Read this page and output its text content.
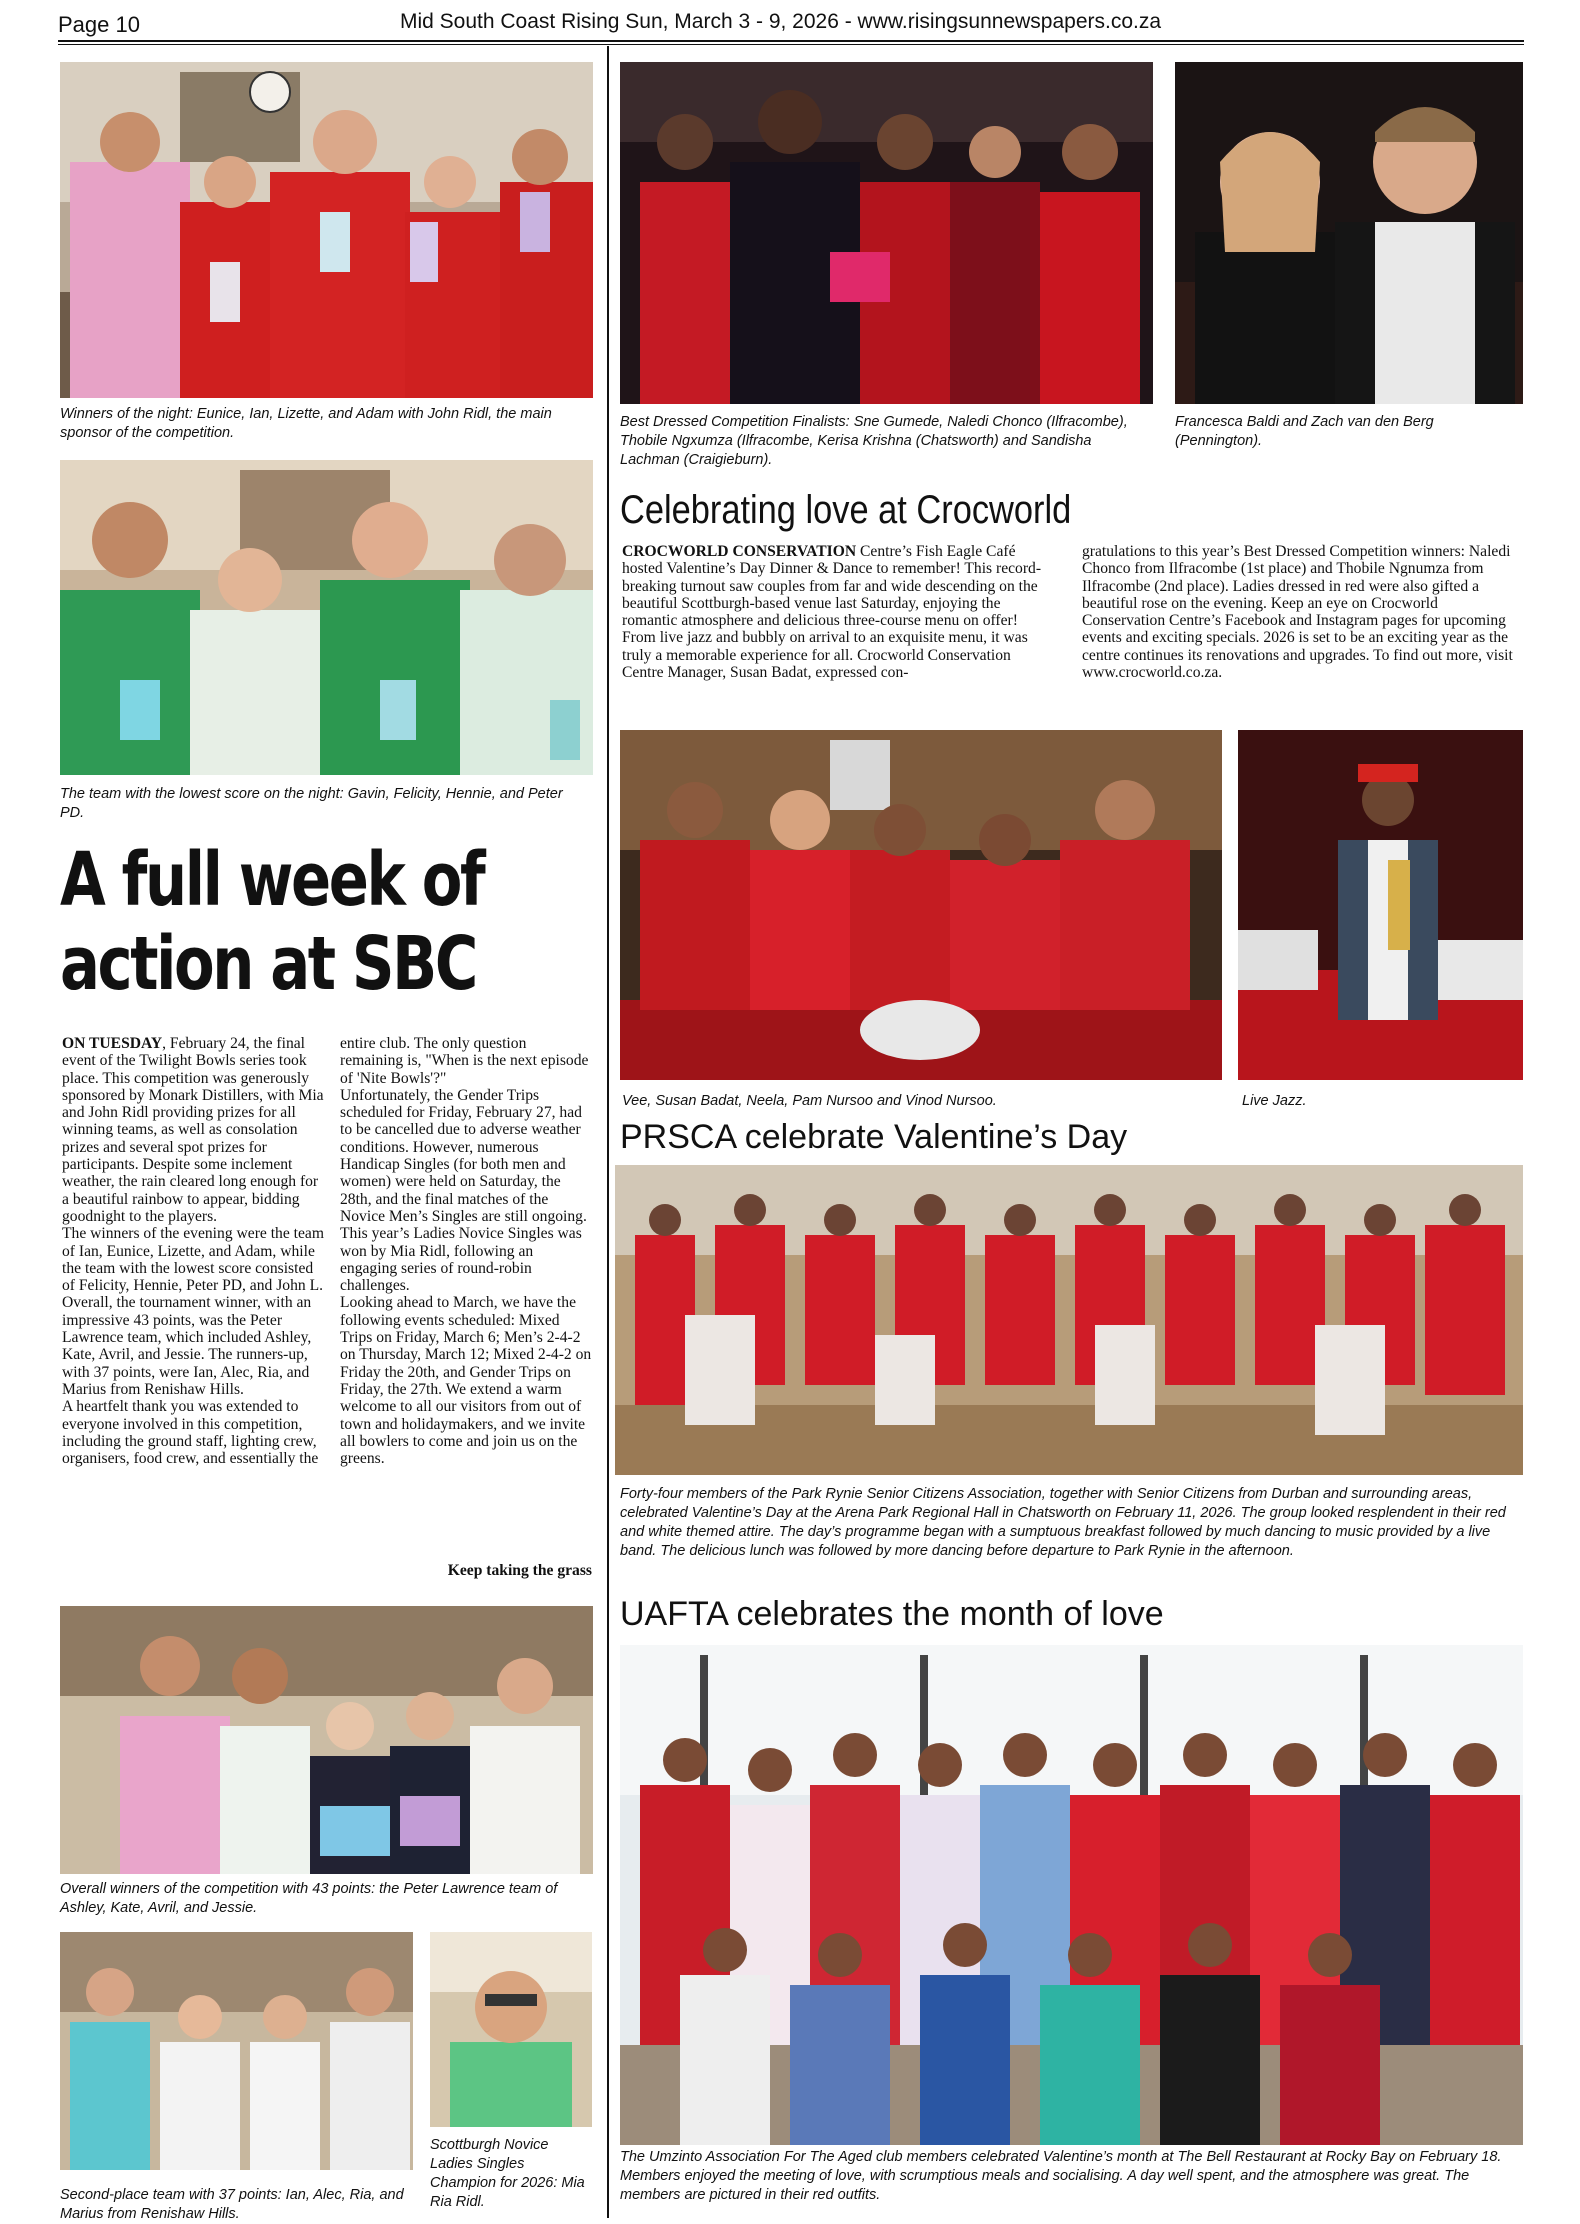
Page 10	Mid South Coast Rising Sun, March 3 - 9, 2026 - www.risingsunnewspapers.co.za

Winners of the night: Eunice, Ian, Lizette, and Adam with John Ridl, the main sponsor of the competition.

The team with the lowest score on the night: Gavin, Felicity, Hennie, and Peter PD.

A full week of
action at SBC

ON TUESDAY, February 24, the final event of the Twilight Bowls series took place. This competition was generously sponsored by Monark Distillers, with Mia and John Ridl providing prizes for all winning teams, as well as consolation prizes and several spot prizes for participants. Despite some inclement weather, the rain cleared long enough for a beautiful rainbow to appear, bidding goodnight to the players.

The winners of the evening were the team of Ian, Eunice, Lizette, and Adam, while the team with the lowest score consisted of Felicity, Hennie, Peter PD, and John L.

Overall, the tournament winner, with an impressive 43 points, was the Peter Lawrence team, which included Ashley, Kate, Avril, and Jessie. The runners-up, with 37 points, were Ian, Alec, Ria, and Marius from Renishaw Hills.

A heartfelt thank you was extended to everyone involved in this competition, including the ground staff, lighting crew, organisers, food crew, and essentially the

entire club. The only question remaining is, "When is the next episode of 'Nite Bowls'?"

Unfortunately, the Gender Trips scheduled for Friday, February 27, had to be cancelled due to adverse weather conditions. However, numerous Handicap Singles (for both men and women) were held on Saturday, the 28th, and the final matches of the Novice Men’s Singles are still ongoing.

This year’s Ladies Novice Singles was won by Mia Ridl, following an engaging series of round-robin challenges.

Looking ahead to March, we have the following events scheduled: Mixed Trips on Friday, March 6; Men’s 2-4-2 on Thursday, March 12; Mixed 2-4-2 on Friday the 20th, and Gender Trips on Friday, the 27th. We extend a warm welcome to all our visitors from out of town and holidaymakers, and we invite all bowlers to come and join us on the greens.

Keep taking the grass

Overall winners of the competition with 43 points: the Peter Lawrence team of Ashley, Kate, Avril, and Jessie.

Second-place team with 37 points: Ian, Alec, Ria, and Marius from Renishaw Hills.

Scottburgh Novice Ladies Singles Champion for 2026: Mia Ria Ridl.

Best Dressed Competition Finalists: Sne Gumede, Naledi Chonco (Ilfracombe), Thobile Ngxumza (Ilfracombe, Kerisa Krishna (Chatsworth) and Sandisha Lachman (Craigieburn).

Francesca Baldi and Zach van den Berg (Pennington).

Celebrating love at Crocworld

CROCWORLD CONSERVATION Centre’s Fish Eagle Café hosted Valentine’s Day Dinner & Dance to remember! This record-breaking turnout saw couples from far and wide descending on the beautiful Scottburgh-based venue last Saturday, enjoying the romantic atmosphere and delicious three-course menu on offer!

From live jazz and bubbly on arrival to an exquisite menu, it was truly a memorable experience for all. Crocworld Conservation Centre Manager, Susan Badat, expressed con-

gratulations to this year’s Best Dressed Competition winners: Naledi Chonco from Ilfracombe (1st place) and Thobile Ngnumza from Ilfracombe (2nd place). Ladies dressed in red were also gifted a beautiful rose on the evening. Keep an eye on Crocworld Conservation Centre’s Facebook and Instagram pages for upcoming events and exciting specials. 2026 is set to be an exciting year as the centre continues its renovations and upgrades. To find out more, visit www.crocworld.co.za.

Vee, Susan Badat, Neela, Pam Nursoo and Vinod Nursoo.	Live Jazz.

PRSCA celebrate Valentine’s Day

Forty-four members of the Park Rynie Senior Citizens Association, together with Senior Citizens from Durban and surrounding areas, celebrated Valentine’s Day at the Arena Park Regional Hall in Chatsworth on February 11, 2026. The group looked resplendent in their red and white themed attire. The day’s programme began with a sumptuous breakfast followed by much dancing to music provided by a live band. The delicious lunch was followed by more dancing before departure to Park Rynie in the afternoon.

UAFTA celebrates the month of love

The Umzinto Association For The Aged club members celebrated Valentine’s month at The Bell Restaurant at Rocky Bay on February 18. Members enjoyed the meeting of love, with scrumptious meals and socialising. A day well spent, and the atmosphere was great. The members are pictured in their red outfits.
